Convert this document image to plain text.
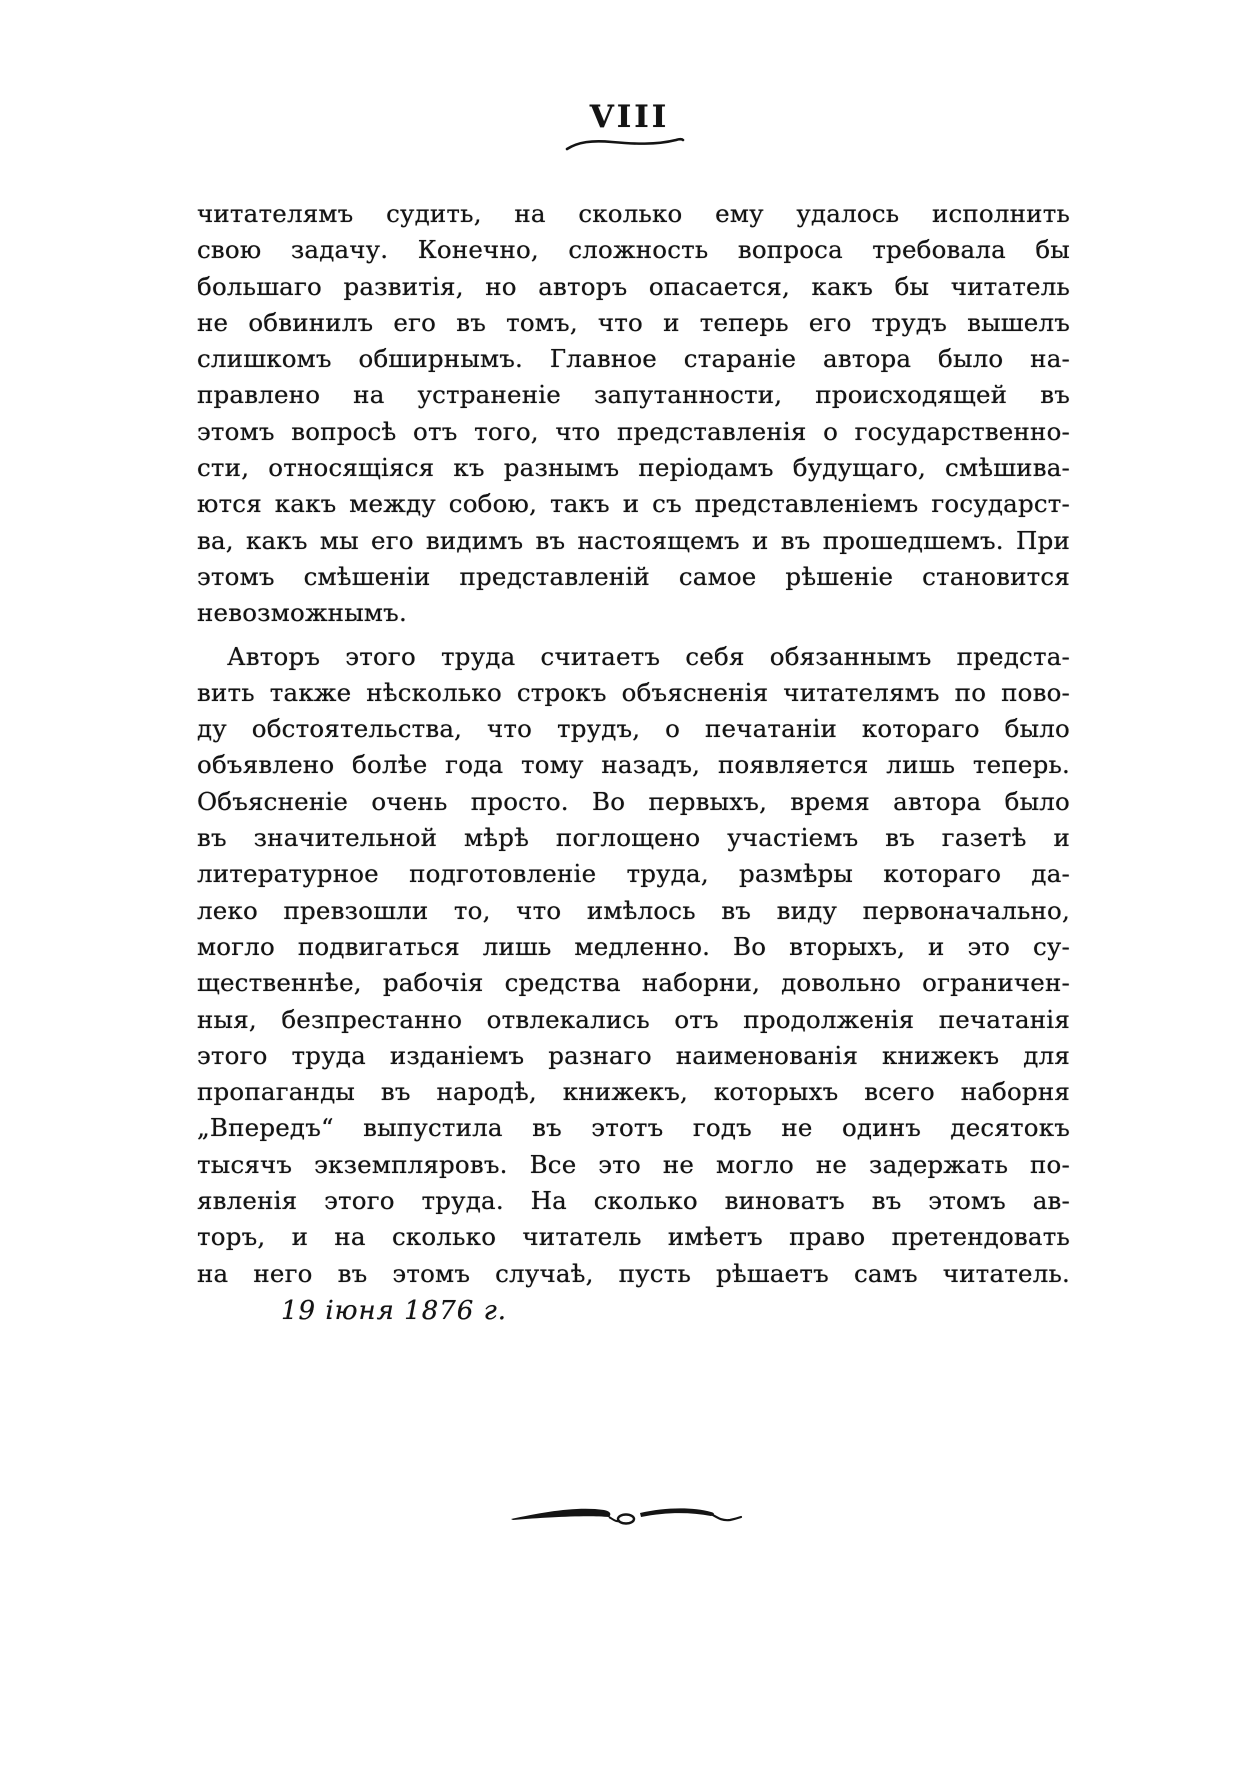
VIII
читателямъ судить, на сколько ему удалось исполнить
свою задачу. Конечно, сложность вопроса требовала бы
большаго развитія, но авторъ опасается, какъ бы читатель
не обвинилъ его въ томъ, что и теперь его трудъ вышелъ
слишкомъ обширнымъ. Главное стараніе автора было на-
правлено на устраненіе запутанности, происходящей въ
этомъ вопросѣ отъ того, что представленія о государственно-
сти, относящіяся къ разнымъ періодамъ будущаго, смѣшива-
ются какъ между собою, такъ и съ представленіемъ государст-
ва, какъ мы его видимъ въ настоящемъ и въ прошедшемъ. При
этомъ смѣшеніи представленій самое рѣшеніе становится
невозможнымъ.
Авторъ этого труда считаетъ себя обязаннымъ предста-
вить также нѣсколько строкъ объясненія читателямъ по пово-
ду обстоятельства, что трудъ, о печатаніи котораго было
объявлено болѣе года тому назадъ, появляется лишь теперь.
Объясненіе очень просто. Во первыхъ, время автора было
въ значительной мѣрѣ поглощено участіемъ въ газетѣ и
литературное подготовленіе труда, размѣры котораго да-
леко превзошли то, что имѣлось въ виду первоначально,
могло подвигаться лишь медленно. Во вторыхъ, и это су-
щественнѣе, рабочія средства наборни, довольно ограничен-
ныя, безпрестанно отвлекались отъ продолженія печатанія
этого труда изданіемъ разнаго наименованія книжекъ для
пропаганды въ народѣ, книжекъ, которыхъ всего наборня
„Впередъ“ выпустила въ этотъ годъ не одинъ десятокъ
тысячъ экземпляровъ. Все это не могло не задержать по-
явленія этого труда. На сколько виноватъ въ этомъ ав-
торъ, и на сколько читатель имѣетъ право претендовать
на него въ этомъ случаѣ, пусть рѣшаетъ самъ читатель.
19 іюня 1876 г.
